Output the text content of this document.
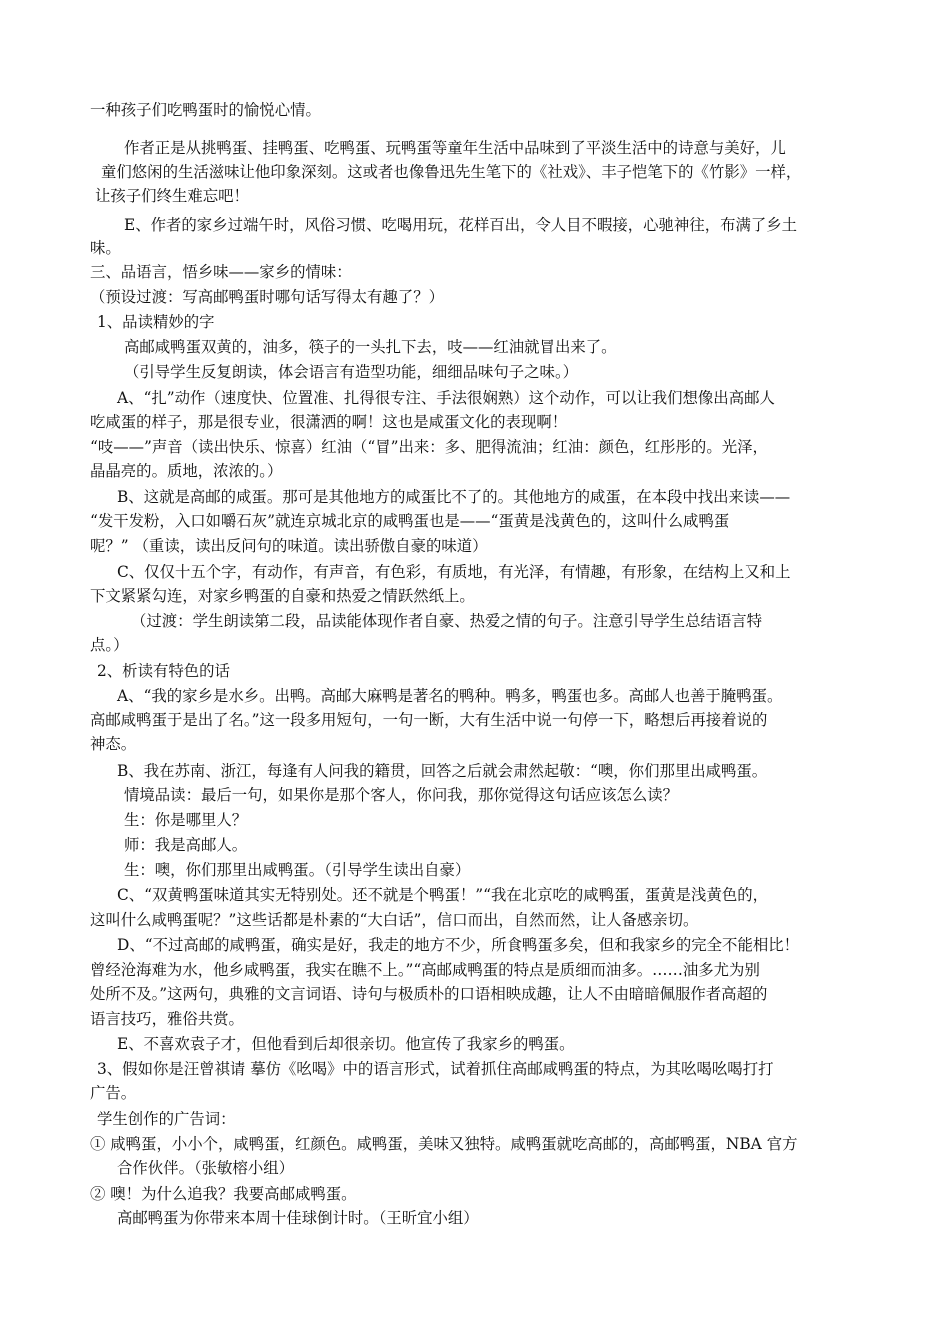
一种孩子们吃鸭蛋时的愉悦心情。

作者正是从挑鸭蛋、挂鸭蛋、吃鸭蛋、玩鸭蛋等童年生活中品味到了平淡生活中的诗意与美好，儿

童们悠闲的生活滋味让他印象深刻。这或者也像鲁迅先生笔下的《社戏》、丰子恺笔下的《竹影》一样，

让孩子们终生难忘吧！

E、作者的家乡过端午时，风俗习惯、吃喝用玩，花样百出，令人目不暇接，心驰神往，布满了乡土

味。

三、品语言，悟乡味——家乡的情味：

（预设过渡：写高邮鸭蛋时哪句话写得太有趣了？）

1、品读精妙的字

高邮咸鸭蛋双黄的，油多，筷子的一头扎下去，吱——红油就冒出来了。

（引导学生反复朗读，体会语言有造型功能，细细品味句子之味。）

A、“扎”动作（速度快、位置准、扎得很专注、手法很娴熟）这个动作，可以让我们想像出高邮人

吃咸蛋的样子，那是很专业，很潇洒的啊！这也是咸蛋文化的表现啊！

“吱——”声音（读出快乐、惊喜）红油（“冒”出来：多、肥得流油；红油：颜色，红彤彤的。光泽，

晶晶亮的。质地，浓浓的。）

B、这就是高邮的咸蛋。那可是其他地方的咸蛋比不了的。其他地方的咸蛋，在本段中找出来读——

“发干发粉，入口如嚼石灰”就连京城北京的咸鸭蛋也是——“蛋黄是浅黄色的，这叫什么咸鸭蛋

呢？” （重读，读出反问句的味道。读出骄傲自豪的味道）

C、仅仅十五个字，有动作，有声音，有色彩，有质地，有光泽，有情趣，有形象，在结构上又和上

下文紧紧勾连，对家乡鸭蛋的自豪和热爱之情跃然纸上。

（过渡：学生朗读第二段，品读能体现作者自豪、热爱之情的句子。注意引导学生总结语言特

点。）

2、析读有特色的话

A、“我的家乡是水乡。出鸭。高邮大麻鸭是著名的鸭种。鸭多，鸭蛋也多。高邮人也善于腌鸭蛋。

高邮咸鸭蛋于是出了名。”这一段多用短句，一句一断，大有生活中说一句停一下，略想后再接着说的

神态。

B、我在苏南、浙江，每逢有人问我的籍贯，回答之后就会肃然起敬：“噢，你们那里出咸鸭蛋。

情境品读：最后一句，如果你是那个客人，你问我，那你觉得这句话应该怎么读？

生：你是哪里人？

师：我是高邮人。

生：噢，你们那里出咸鸭蛋。（引导学生读出自豪）

C、“双黄鸭蛋味道其实无特别处。还不就是个鸭蛋！”“我在北京吃的咸鸭蛋，蛋黄是浅黄色的，

这叫什么咸鸭蛋呢？”这些话都是朴素的“大白话”，信口而出，自然而然，让人备感亲切。

D、“不过高邮的咸鸭蛋，确实是好，我走的地方不少，所食鸭蛋多矣，但和我家乡的完全不能相比！

曾经沧海难为水，他乡咸鸭蛋，我实在瞧不上。”“高邮咸鸭蛋的特点是质细而油多。……油多尤为别

处所不及。”这两句，典雅的文言词语、诗句与极质朴的口语相映成趣，让人不由暗暗佩服作者高超的

语言技巧，雅俗共赏。

E、不喜欢袁子才，但他看到后却很亲切。他宣传了我家乡的鸭蛋。

3、假如你是汪曾祺请 摹仿《吆喝》中的语言形式，试着抓住高邮咸鸭蛋的特点，为其吆喝吆喝打打

广告。

学生创作的广告词：

① 咸鸭蛋，小小个，咸鸭蛋，红颜色。咸鸭蛋，美味又独特。咸鸭蛋就吃高邮的，高邮鸭蛋，NBA 官方

合作伙伴。（张敏榕小组）

② 噢！为什么追我？我要高邮咸鸭蛋。

高邮鸭蛋为你带来本周十佳球倒计时。（王昕宜小组）
